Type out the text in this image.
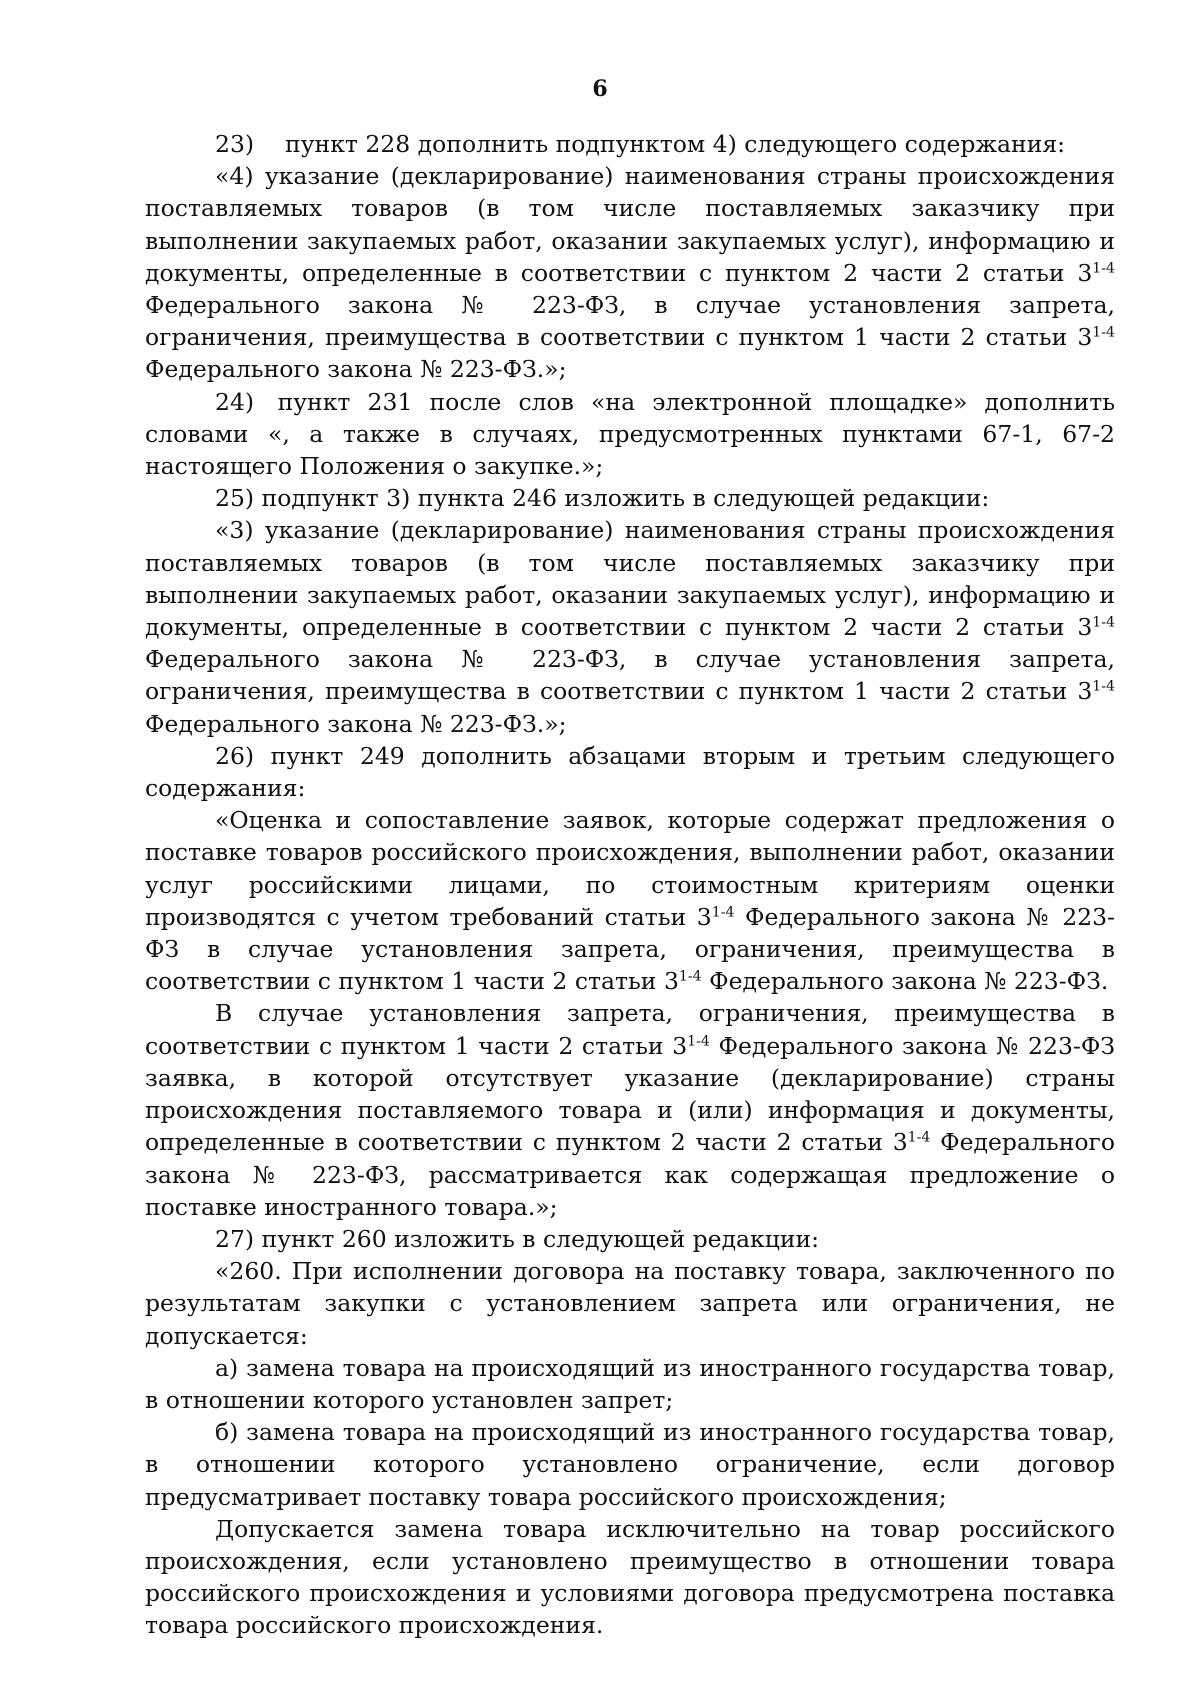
6

23)  пункт 228 дополнить подпунктом 4) следующего содержания:

«4) указание (декларирование) наименования страны происхождения поставляемых товаров (в том числе поставляемых заказчику при выполнении закупаемых работ, оказании закупаемых услуг), информацию и документы, определенные в соответствии с пунктом 2 части 2 статьи 3$^{1-4}$ Федерального закона № 223-ФЗ, в случае установления запрета, ограничения, преимущества в соответствии с пунктом 1 части 2 статьи 3$^{1-4}$ Федерального закона № 223-ФЗ.»;

24) пункт 231 после слов «на электронной площадке» дополнить словами «, а также в случаях, предусмотренных пунктами 67-1, 67-2 настоящего Положения о закупке.»;

25) подпункт 3) пункта 246 изложить в следующей редакции:

«3) указание (декларирование) наименования страны происхождения поставляемых товаров (в том числе поставляемых заказчику при выполнении закупаемых работ, оказании закупаемых услуг), информацию и документы, определенные в соответствии с пунктом 2 части 2 статьи 3$^{1-4}$ Федерального закона № 223-ФЗ, в случае установления запрета, ограничения, преимущества в соответствии с пунктом 1 части 2 статьи 3$^{1-4}$ Федерального закона № 223-ФЗ.»;

26) пункт 249 дополнить абзацами вторым и третьим следующего содержания:

«Оценка и сопоставление заявок, которые содержат предложения о поставке товаров российского происхождения, выполнении работ, оказании услуг российскими лицами, по стоимостным критериям оценки производятся с учетом требований статьи 3$^{1-4}$ Федерального закона № 223-ФЗ в случае установления запрета, ограничения, преимущества в соответствии с пунктом 1 части 2 статьи 3$^{1-4}$ Федерального закона № 223-ФЗ.

В случае установления запрета, ограничения, преимущества в соответствии с пунктом 1 части 2 статьи 3$^{1-4}$ Федерального закона № 223-ФЗ заявка, в которой отсутствует указание (декларирование) страны происхождения поставляемого товара и (или) информация и документы, определенные в соответствии с пунктом 2 части 2 статьи 3$^{1-4}$ Федерального закона № 223-ФЗ, рассматривается как содержащая предложение о поставке иностранного товара.»;

27) пункт 260 изложить в следующей редакции:

«260. При исполнении договора на поставку товара, заключенного по результатам закупки с установлением запрета или ограничения, не допускается:

а) замена товара на происходящий из иностранного государства товар, в отношении которого установлен запрет;

б) замена товара на происходящий из иностранного государства товар, в отношении которого установлено ограничение, если договор предусматривает поставку товара российского происхождения;

Допускается замена товара исключительно на товар российского происхождения, если установлено преимущество в отношении товара российского происхождения и условиями договора предусмотрена поставка товара российского происхождения.
